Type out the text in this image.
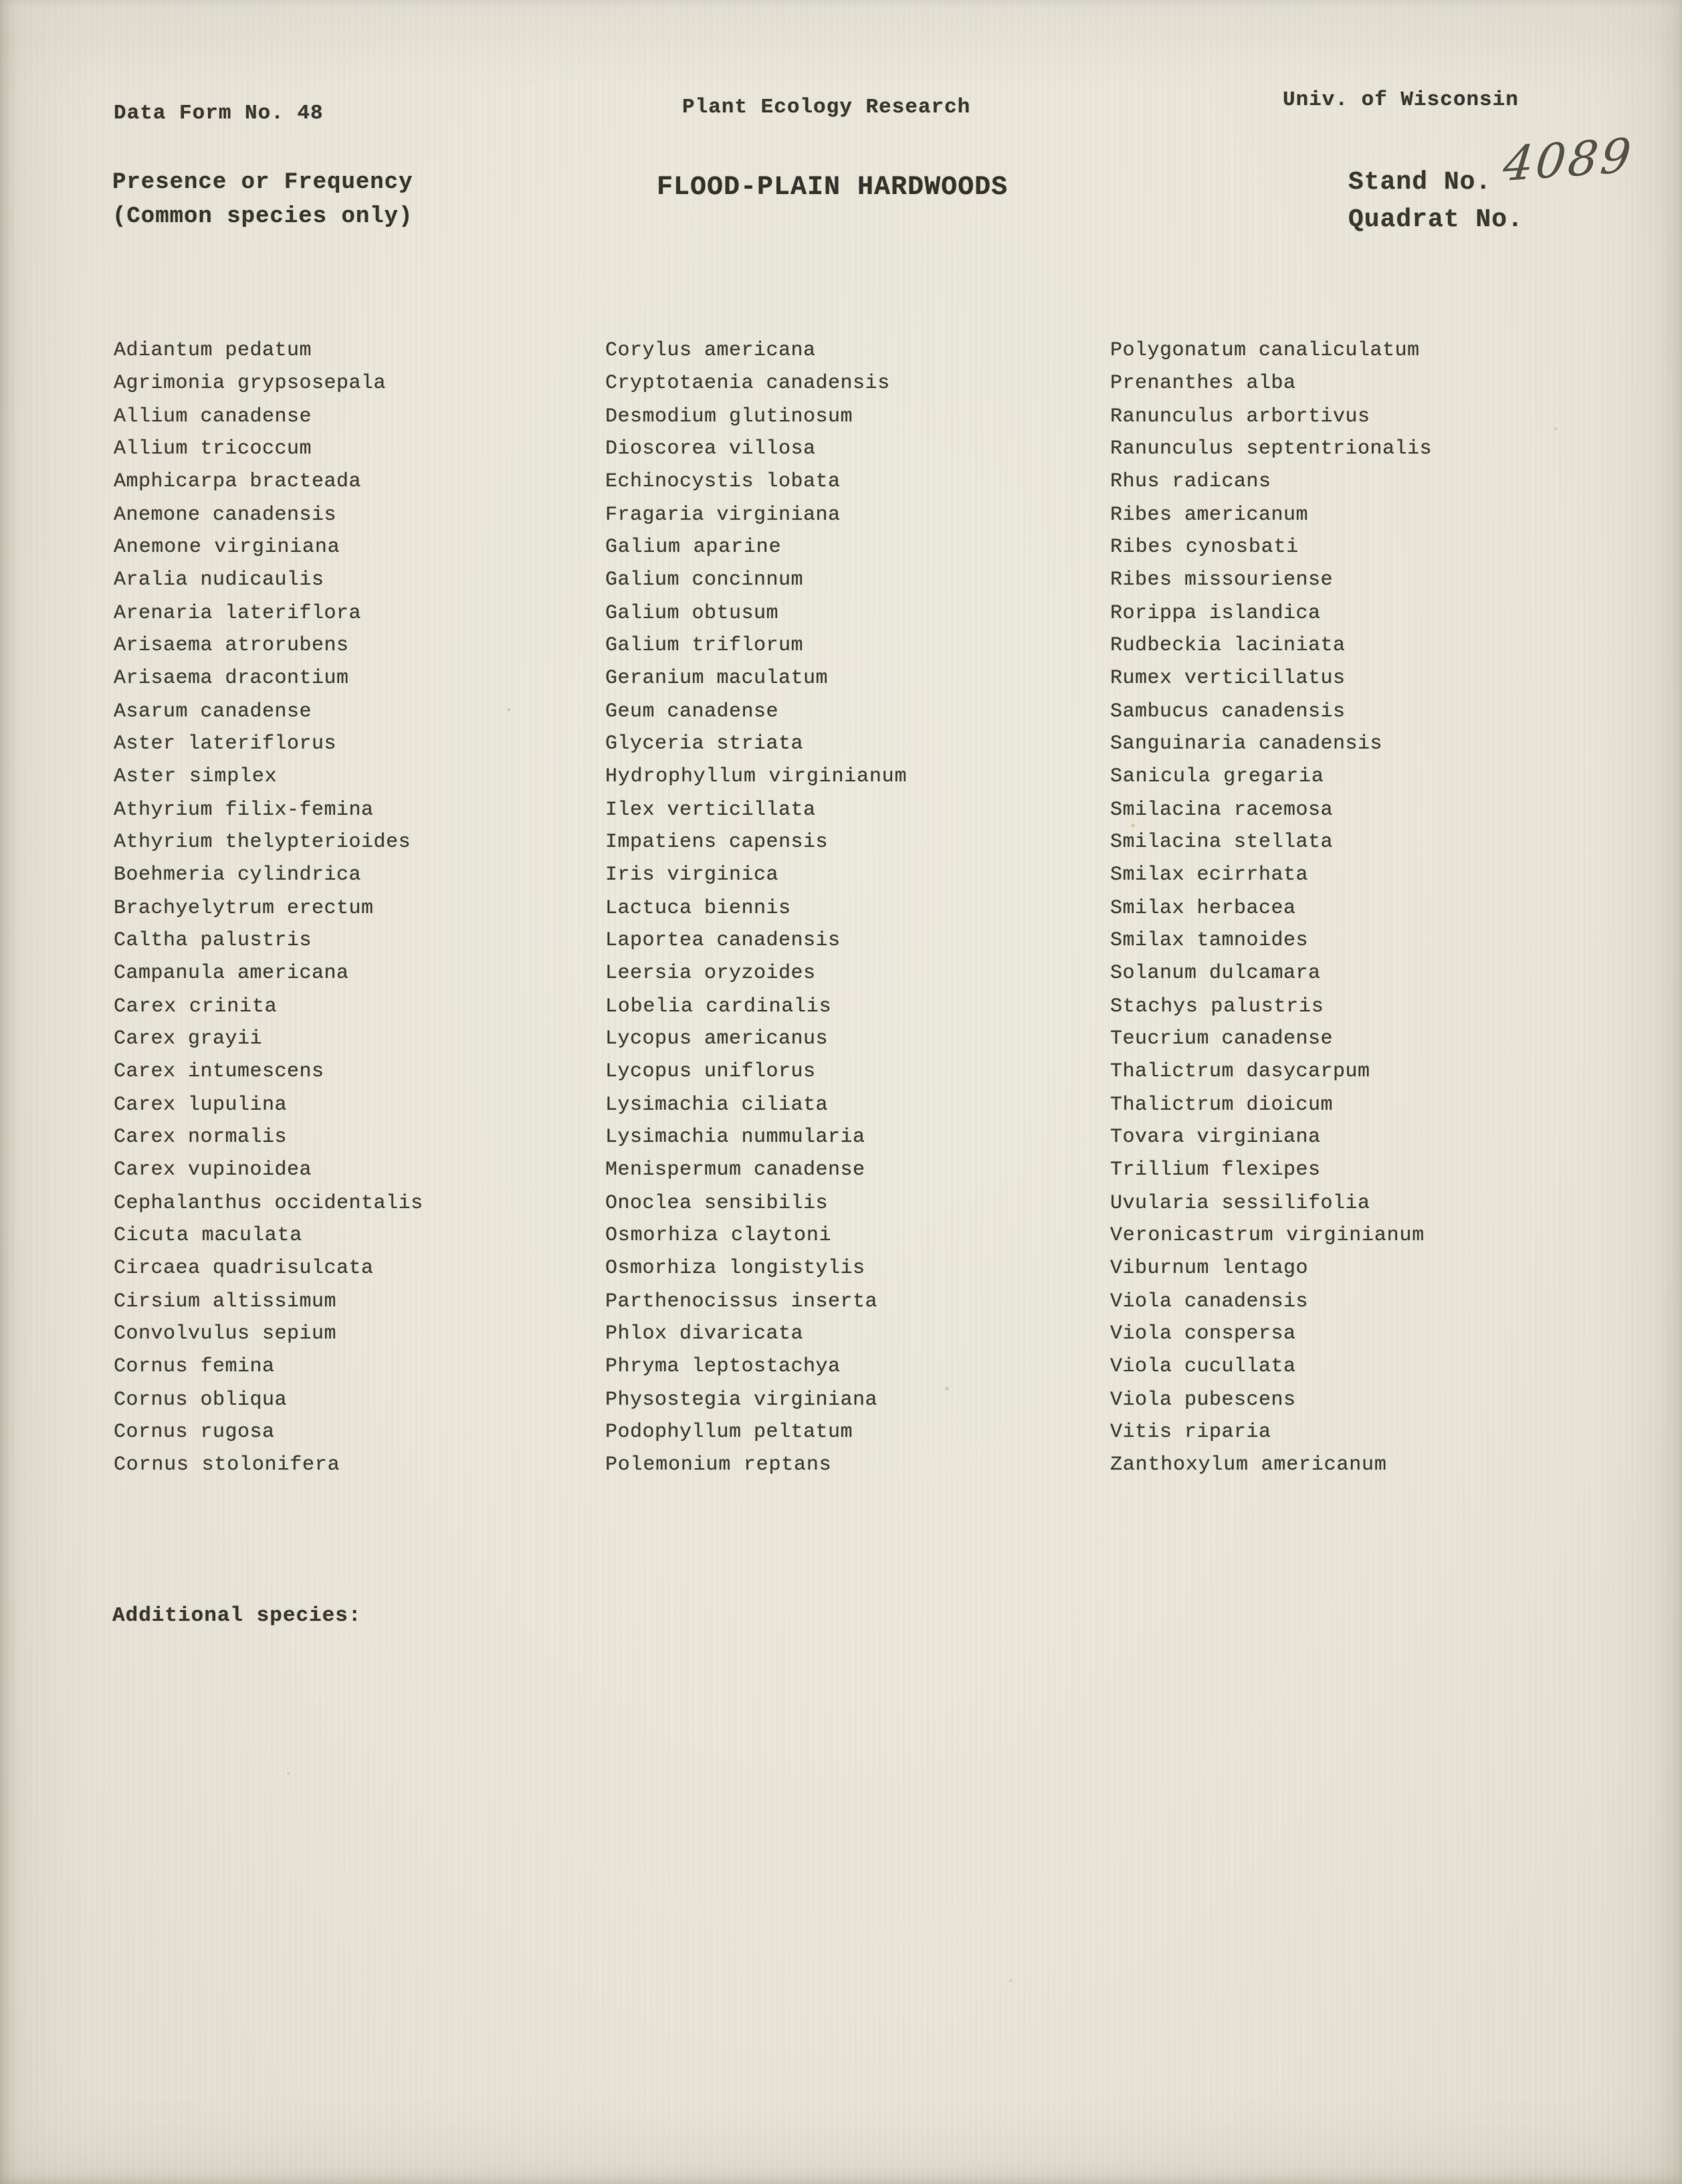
Data Form No. 48	Plant Ecology Research	Univ. of Wisconsin
Presence or Frequency
(Common species only)
FLOOD-PLAIN HARDWOODS	Stand No. 4089
Quadrat No.
Adiantum pedatum
Agrimonia grypsosepala
Allium canadense
Allium tricoccum
Amphicarpa bracteada
Anemone canadensis
Anemone virginiana
Aralia nudicaulis
Arenaria lateriflora
Arisaema atrorubens
Arisaema dracontium
Asarum canadense
Aster lateriflorus
Aster simplex
Athyrium filix-femina
Athyrium thelypterioides
Boehmeria cylindrica
Brachyelytrum erectum
Caltha palustris
Campanula americana
Carex crinita
Carex grayii
Carex intumescens
Carex lupulina
Carex normalis
Carex vupinoidea
Cephalanthus occidentalis
Cicuta maculata
Circaea quadrisulcata
Cirsium altissimum
Convolvulus sepium
Cornus femina
Cornus obliqua
Cornus rugosa
Cornus stolonifera
Corylus americana
Cryptotaenia canadensis
Desmodium glutinosum
Dioscorea villosa
Echinocystis lobata
Fragaria virginiana
Galium aparine
Galium concinnum
Galium obtusum
Galium triflorum
Geranium maculatum
Geum canadense
Glyceria striata
Hydrophyllum virginianum
Ilex verticillata
Impatiens capensis
Iris virginica
Lactuca biennis
Laportea canadensis
Leersia oryzoides
Lobelia cardinalis
Lycopus americanus
Lycopus uniflorus
Lysimachia ciliata
Lysimachia nummularia
Menispermum canadense
Onoclea sensibilis
Osmorhiza claytoni
Osmorhiza longistylis
Parthenocissus inserta
Phlox divaricata
Phryma leptostachya
Physostegia virginiana
Podophyllum peltatum
Polemonium reptans
Polygonatum canaliculatum
Prenanthes alba
Ranunculus arbortivus
Ranunculus septentrionalis
Rhus radicans
Ribes americanum
Ribes cynosbati
Ribes missouriense
Rorippa islandica
Rudbeckia laciniata
Rumex verticillatus
Sambucus canadensis
Sanguinaria canadensis
Sanicula gregaria
Smilacina racemosa
Smilacina stellata
Smilax ecirrhata
Smilax herbacea
Smilax tamnoides
Solanum dulcamara
Stachys palustris
Teucrium canadense
Thalictrum dasycarpum
Thalictrum dioicum
Tovara virginiana
Trillium flexipes
Uvularia sessilifolia
Veronicastrum virginianum
Viburnum lentago
Viola canadensis
Viola conspersa
Viola cucullata
Viola pubescens
Vitis riparia
Zanthoxylum americanum
Additional species:
